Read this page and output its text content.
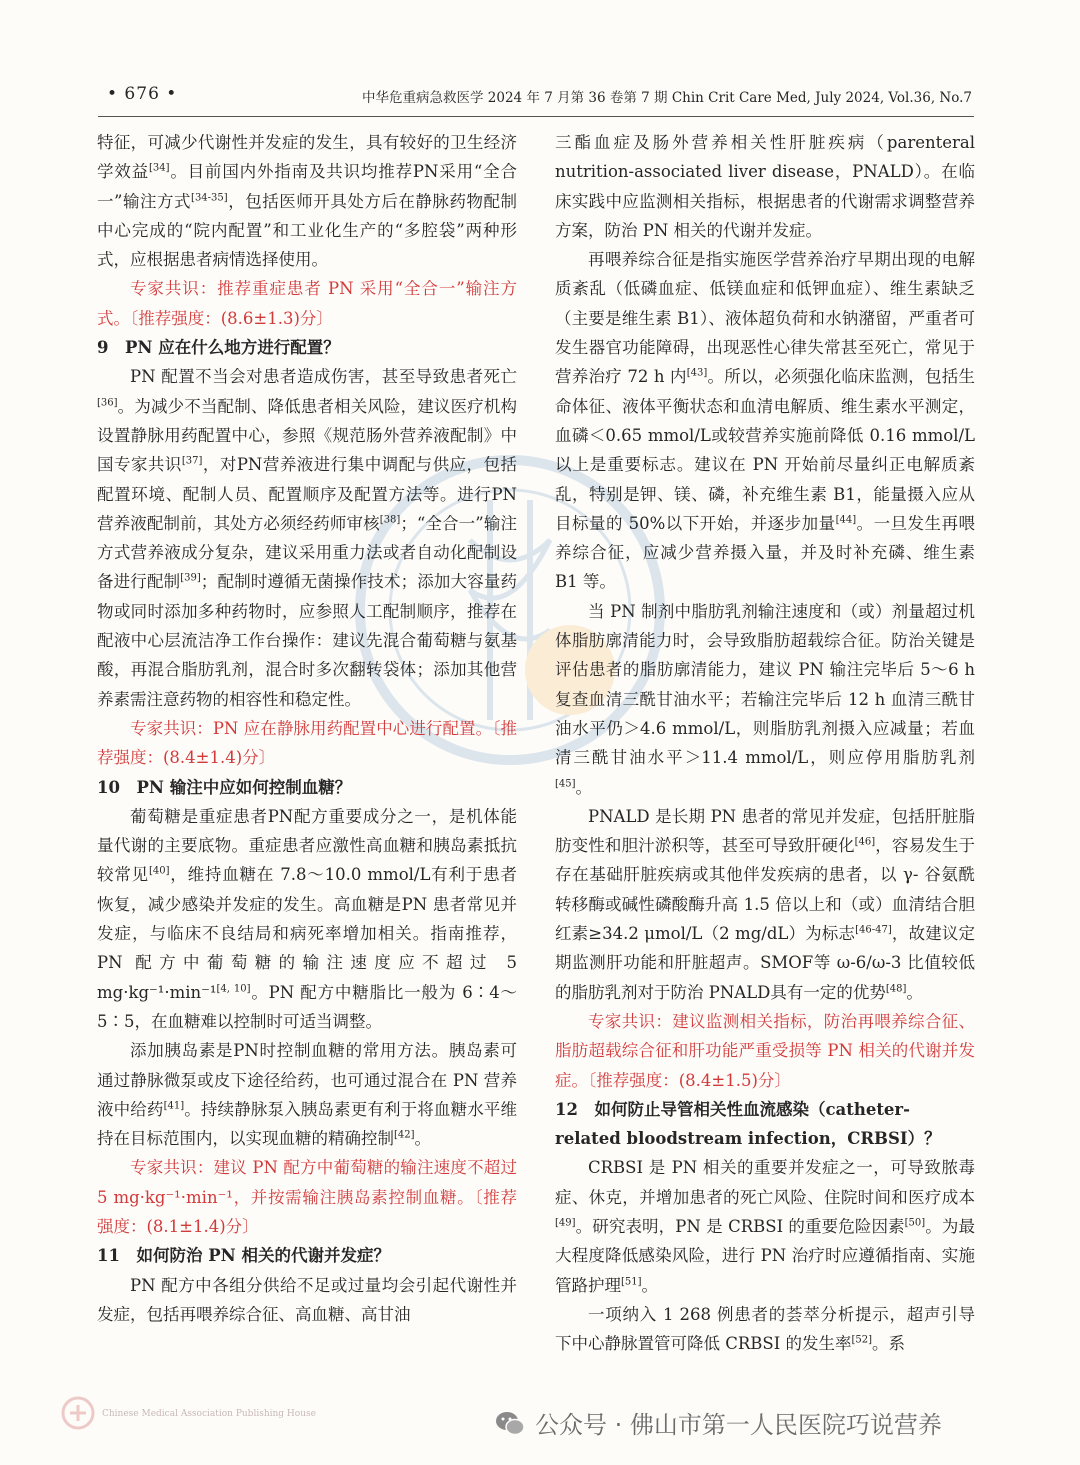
• 676 •	中华危重病急救医学 2024 年 7 月第 36 卷第 7 期 Chin Crit Care Med, July 2024, Vol.36, No.7

特征，可减少代谢性并发症的发生，具有较好的卫生经济学效益[34]。目前国内外指南及共识均推荐PN采用“全合一”输注方式[34-35]，包括医师开具处方后在静脉药物配制中心完成的“院内配置”和工业化生产的“多腔袋”两种形式，应根据患者病情选择使用。

专家共识：推荐重症患者 PN 采用“全合一”输注方式。〔推荐强度：(8.6±1.3)分〕

9　PN 应在什么地方进行配置？

PN 配置不当会对患者造成伤害，甚至导致患者死亡[36]。为减少不当配制、降低患者相关风险，建议医疗机构设置静脉用药配置中心，参照《规范肠外营养液配制》中国专家共识[37]，对PN营养液进行集中调配与供应，包括配置环境、配制人员、配置顺序及配置方法等。进行PN营养液配制前，其处方必须经药师审核[38]；“全合一”输注方式营养液成分复杂，建议采用重力法或者自动化配制设备进行配制[39]；配制时遵循无菌操作技术；添加大容量药物或同时添加多种药物时，应参照人工配制顺序，推荐在配液中心层流洁净工作台操作：建议先混合葡萄糖与氨基酸，再混合脂肪乳剂，混合时多次翻转袋体；添加其他营养素需注意药物的相容性和稳定性。

专家共识：PN 应在静脉用药配置中心进行配置。〔推荐强度：(8.4±1.4)分〕

10　PN 输注中应如何控制血糖？

葡萄糖是重症患者PN配方重要成分之一，是机体能量代谢的主要底物。重症患者应激性高血糖和胰岛素抵抗较常见[40]，维持血糖在 7.8～10.0 mmol/L有利于患者恢复，减少感染并发症的发生。高血糖是PN 患者常见并发症，与临床不良结局和病死率增加相关。指南推荐，PN 配方中葡萄糖的输注速度应不超过 5 mg·kg⁻¹·min⁻¹[4, 10]。PN 配方中糖脂比一般为 6∶4～5∶5，在血糖难以控制时可适当调整。

添加胰岛素是PN时控制血糖的常用方法。胰岛素可通过静脉微泵或皮下途径给药，也可通过混合在 PN 营养液中给药[41]。持续静脉泵入胰岛素更有利于将血糖水平维持在目标范围内，以实现血糖的精确控制[42]。

专家共识：建议 PN 配方中葡萄糖的输注速度不超过 5 mg·kg⁻¹·min⁻¹，并按需输注胰岛素控制血糖。〔推荐强度：(8.1±1.4)分〕

11　如何防治 PN 相关的代谢并发症？

PN 配方中各组分供给不足或过量均会引起代谢性并发症，包括再喂养综合征、高血糖、高甘油

三酯血症及肠外营养相关性肝脏疾病（parenteral nutrition-associated liver disease，PNALD）。在临床实践中应监测相关指标，根据患者的代谢需求调整营养方案，防治 PN 相关的代谢并发症。

再喂养综合征是指实施医学营养治疗早期出现的电解质紊乱（低磷血症、低镁血症和低钾血症）、维生素缺乏（主要是维生素 B1）、液体超负荷和水钠潴留，严重者可发生器官功能障碍，出现恶性心律失常甚至死亡，常见于营养治疗 72 h 内[43]。所以，必须强化临床监测，包括生命体征、液体平衡状态和血清电解质、维生素水平测定，血磷＜0.65 mmol/L或较营养实施前降低 0.16 mmol/L 以上是重要标志。建议在 PN 开始前尽量纠正电解质紊乱，特别是钾、镁、磷，补充维生素 B1，能量摄入应从目标量的 50%以下开始，并逐步加量[44]。一旦发生再喂养综合征，应减少营养摄入量，并及时补充磷、维生素 B1 等。

当 PN 制剂中脂肪乳剂输注速度和（或）剂量超过机体脂肪廓清能力时，会导致脂肪超载综合征。防治关键是评估患者的脂肪廓清能力，建议 PN 输注完毕后 5～6 h 复查血清三酰甘油水平；若输注完毕后 12 h 血清三酰甘油水平仍＞4.6 mmol/L，则脂肪乳剂摄入应减量；若血清三酰甘油水平＞11.4 mmol/L，则应停用脂肪乳剂[45]。

PNALD 是长期 PN 患者的常见并发症，包括肝脏脂肪变性和胆汁淤积等，甚至可导致肝硬化[46]，容易发生于存在基础肝脏疾病或其他伴发疾病的患者，以 γ- 谷氨酰转移酶或碱性磷酸酶升高 1.5 倍以上和（或）血清结合胆红素≥34.2 μmol/L（2 mg/dL）为标志[46-47]，故建议定期监测肝功能和肝脏超声。SMOF等 ω-6/ω-3 比值较低的脂肪乳剂对于防治 PNALD具有一定的优势[48]。

专家共识：建议监测相关指标，防治再喂养综合征、脂肪超载综合征和肝功能严重受损等 PN 相关的代谢并发症。〔推荐强度：(8.4±1.5)分〕

12　如何防止导管相关性血流感染（catheter-related bloodstream infection，CRBSI）？

CRBSI 是 PN 相关的重要并发症之一，可导致脓毒症、休克，并增加患者的死亡风险、住院时间和医疗成本[49]。研究表明，PN 是 CRBSI 的重要危险因素[50]。为最大程度降低感染风险，进行 PN 治疗时应遵循指南、实施管路护理[51]。

一项纳入 1 268 例患者的荟萃分析提示，超声引导下中心静脉置管可降低 CRBSI 的发生率[52]。系

Chinese Medical Association Publishing House	公众号 · 佛山市第一人民医院巧说营养
